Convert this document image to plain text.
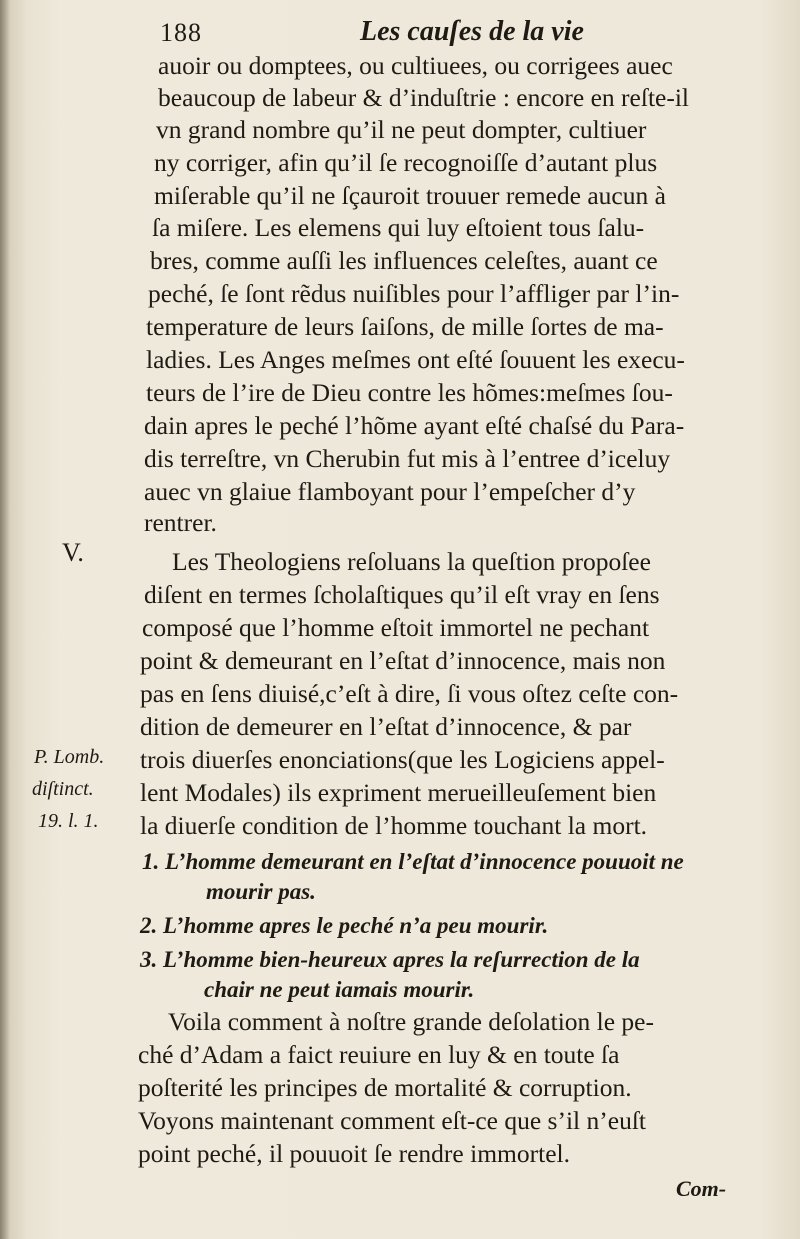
188	Les cauſes de la vie
V.
P. Lomb.
diſtinct.
19. l. 1.
auoir ou domptees, ou cultiuees, ou corrigees auec
beaucoup de labeur & d’induſtrie : encore en reſte-il
vn grand nombre qu’il ne peut dompter, cultiuer
ny corriger, afin qu’il ſe recognoiſſe d’autant plus
miſerable qu’il ne ſçauroit trouuer remede aucun à
ſa miſere. Les elemens qui luy eſtoient tous ſalu-
bres, comme auſſi les influences celeſtes, auant ce
peché, ſe ſont rẽdus nuiſibles pour l’affliger par l’in-
temperature de leurs ſaiſons, de mille ſortes de ma-
ladies. Les Anges meſmes ont eſté ſouuent les execu-
teurs de l’ire de Dieu contre les hõmes:meſmes ſou-
dain apres le peché l’hõme ayant eſté chaſsé du Para-
dis terreſtre, vn Cherubin fut mis à l’entree d’iceluy
auec vn glaiue flamboyant pour l’empeſcher d’y
rentrer.
Les Theologiens reſoluans la queſtion propoſee
diſent en termes ſcholaſtiques qu’il eſt vray en ſens
composé que l’homme eſtoit immortel ne pechant
point & demeurant en l’eſtat d’innocence, mais non
pas en ſens diuisé,c’eſt à dire, ſi vous oſtez ceſte con-
dition de demeurer en l’eſtat d’innocence, & par
trois diuerſes enonciations(que les Logiciens appel-
lent Modales) ils expriment merueilleuſement bien
la diuerſe condition de l’homme touchant la mort.
1. L’homme demeurant en l’eſtat d’innocence pouuoit ne
mourir pas.
2. L’homme apres le peché n’a peu mourir.
3. L’homme bien-heureux apres la reſurrection de la
chair ne peut iamais mourir.
Voila comment à noſtre grande deſolation le pe-
ché d’Adam a faict reuiure en luy & en toute ſa
poſterité les principes de mortalité & corruption.
Voyons maintenant comment eſt-ce que s’il n’euſt
point peché, il pouuoit ſe rendre immortel.
Com-
